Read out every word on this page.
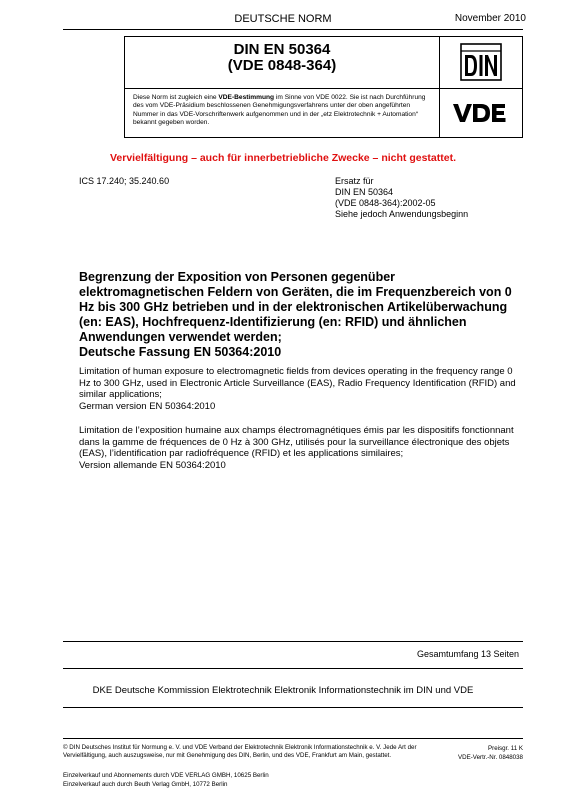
DEUTSCHE NORM	November 2010
DIN EN 50364
(VDE 0848-364)
Diese Norm ist zugleich eine VDE-Bestimmung im Sinne von VDE 0022. Sie ist nach Durchführung des vom VDE-Präsidium beschlossenen Genehmigungsverfahrens unter der oben angeführten Nummer in das VDE-Vorschriftenwerk aufgenommen und in der „etz Elektrotechnik + Automation“ bekannt gegeben worden.
Vervielfältigung – auch für innerbetriebliche Zwecke – nicht gestattet.
ICS 17.240; 35.240.60	Ersatz für
DIN EN 50364
(VDE 0848-364):2002-05
Siehe jedoch Anwendungsbeginn
Begrenzung der Exposition von Personen gegenüber elektromagnetischen Feldern von Geräten, die im Frequenzbereich von 0 Hz bis 300 GHz betrieben und in der elektronischen Artikelüberwachung (en: EAS), Hochfrequenz-Identifizierung (en: RFID) und ähnlichen Anwendungen verwendet werden;
Deutsche Fassung EN 50364:2010
Limitation of human exposure to electromagnetic fields from devices operating in the frequency range 0 Hz to 300 GHz, used in Electronic Article Surveillance (EAS), Radio Frequency Identification (RFID) and similar applications;
German version EN 50364:2010
Limitation de l’exposition humaine aux champs électromagnétiques émis par les dispositifs fonctionnant dans la gamme de fréquences de 0 Hz à 300 GHz, utilisés pour la surveillance électronique des objets (EAS), l’identification par radiofréquence (RFID) et les applications similaires;
Version allemande EN 50364:2010
Gesamtumfang 13 Seiten
DKE Deutsche Kommission Elektrotechnik Elektronik Informationstechnik im DIN und VDE
© DIN Deutsches Institut für Normung e. V. und VDE Verband der Elektrotechnik Elektronik Informationstechnik e. V. Jede Art der Vervielfältigung, auch auszugsweise, nur mit Genehmigung des DIN, Berlin, und des VDE, Frankfurt am Main, gestattet.
Preisgr. 11 K
VDE-Vertr.-Nr. 0848038
Einzelverkauf und Abonnements durch VDE VERLAG GMBH, 10625 Berlin
Einzelverkauf auch durch Beuth Verlag GmbH, 10772 Berlin
